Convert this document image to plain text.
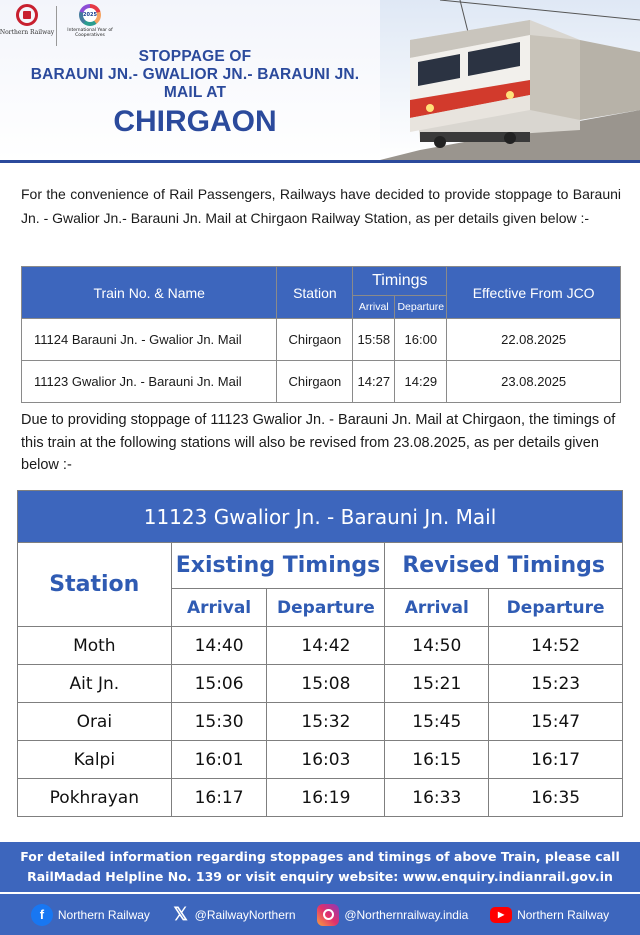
Northern Railway
2025
International Year of Cooperatives
STOPPAGE OF
BARAUNI JN.- GWALIOR JN.- BARAUNI JN.
MAIL AT
CHIRGAON
For the convenience of Rail Passengers, Railways have decided to provide stoppage to Barauni Jn. - Gwalior Jn.- Barauni Jn. Mail at Chirgaon Railway Station, as per details given below :-
Train No. & Name	Station	Timings		Effective From JCO
		Arrival	Departure	
11124 Barauni Jn. - Gwalior Jn. Mail	Chirgaon	15:58	16:00	22.08.2025
11123 Gwalior Jn. - Barauni Jn. Mail	Chirgaon	14:27	14:29	23.08.2025
Due to providing stoppage of 11123 Gwalior Jn. - Barauni Jn. Mail at Chirgaon, the timings of this train at the following stations will also be revised from 23.08.2025, as per details given below :-
11123 Gwalior Jn. - Barauni Jn. Mail				
Station	Existing Timings		Revised Timings	
	Arrival	Departure	Arrival	Departure
Moth	14:40	14:42	14:50	14:52
Ait Jn.	15:06	15:08	15:21	15:23
Orai	15:30	15:32	15:45	15:47
Kalpi	16:01	16:03	16:15	16:17
Pokhrayan	16:17	16:19	16:33	16:35
For detailed information regarding stoppages and timings of above Train, please call
RailMadad Helpline No. 139 or visit enquiry website: www.enquiry.indianrail.gov.in
f	Northern Railway 𝕏 @RailwayNorthern	@Northernrailway.india	▶	Northern Railway
